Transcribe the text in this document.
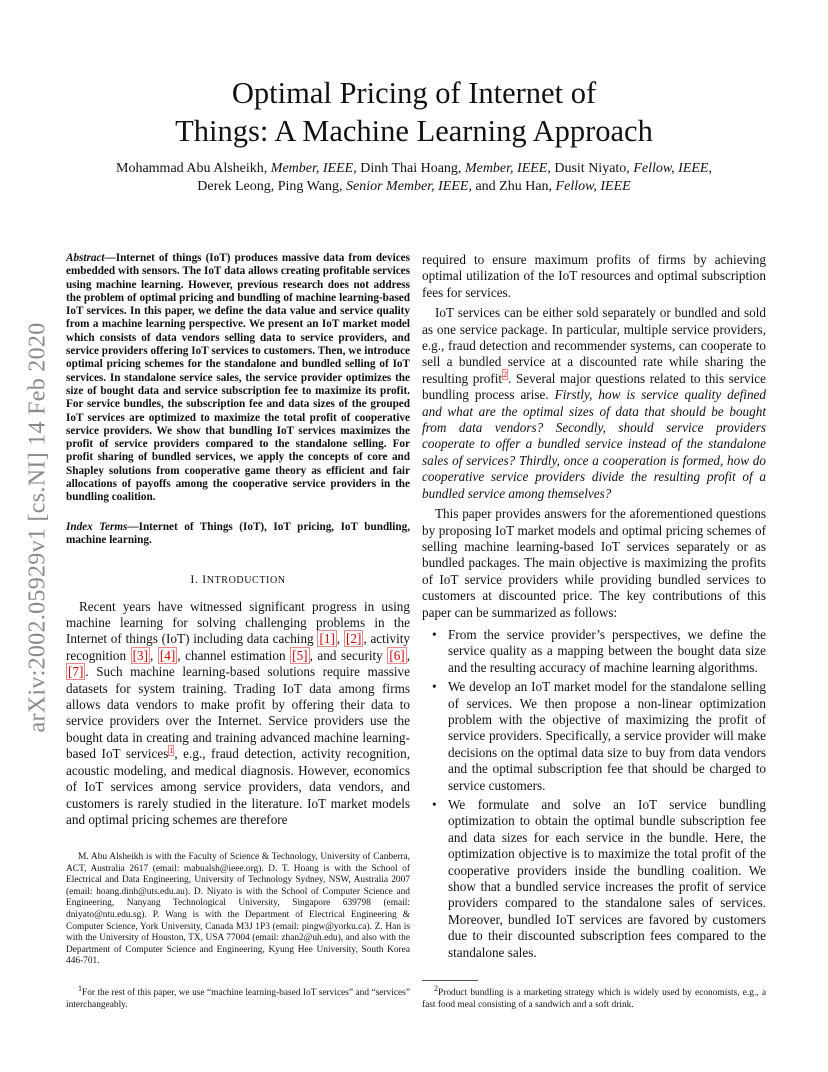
arXiv:2002.05929v1 [cs.NI] 14 Feb 2020
Optimal Pricing of Internet of
Things: A Machine Learning Approach
Mohammad Abu Alsheikh, Member, IEEE, Dinh Thai Hoang, Member, IEEE, Dusit Niyato, Fellow, IEEE,
Derek Leong, Ping Wang, Senior Member, IEEE, and Zhu Han, Fellow, IEEE

Abstract—Internet of things (IoT) produces massive data from devices embedded with sensors. The IoT data allows creating profitable services using machine learning. However, previous research does not address the problem of optimal pricing and bundling of machine learning-based IoT services. In this paper, we define the data value and service quality from a machine learning perspective. We present an IoT market model which consists of data vendors selling data to service providers, and service providers offering IoT services to customers. Then, we introduce optimal pricing schemes for the standalone and bundled selling of IoT services. In standalone service sales, the service provider optimizes the size of bought data and service subscription fee to maximize its profit. For service bundles, the subscription fee and data sizes of the grouped IoT services are optimized to maximize the total profit of cooperative service providers. We show that bundling IoT services maximizes the profit of service providers compared to the standalone selling. For profit sharing of bundled services, we apply the concepts of core and Shapley solutions from cooperative game theory as efficient and fair allocations of payoffs among the cooperative service providers in the bundling coalition.

Index Terms—Internet of Things (IoT), IoT pricing, IoT bundling, machine learning.

I. INTRODUCTION

Recent years have witnessed significant progress in using machine learning for solving challenging problems in the Internet of things (IoT) including data caching [1] , [2] , activity recognition [3] , [4] , channel estimation [5] , and security [6] , [7] . Such machine learning-based solutions require massive datasets for system training. Trading IoT data among firms allows data vendors to make profit by offering their data to service providers over the Internet. Service providers use the bought data in creating and training advanced machine learning-based IoT services$^1$, e.g., fraud detection, activity recognition, acoustic modeling, and medical diagnosis. However, economics of IoT services among service providers, data vendors, and customers is rarely studied in the literature. IoT market models and optimal pricing schemes are therefore

M. Abu Alsheikh is with the Faculty of Science & Technology, University of Canberra, ACT, Australia 2617 (email: mabualsh@ieee.org). D. T. Hoang is with the School of Electrical and Data Engineering, University of Technology Sydney, NSW, Australia 2007 (email: hoang.dinh@uts.edu.au). D. Niyato is with the School of Computer Science and Engineering, Nanyang Technological University, Singapore 639798 (email: dniyato@ntu.edu.sg). P. Wang is with the Department of Electrical Engineering & Computer Science, York University, Canada M3J 1P3 (email: pingw@yorku.ca). Z. Han is with the University of Houston, TX, USA 77004 (email: zhan2@uh.edu), and also with the Department of Computer Science and Engineering, Kyung Hee University, South Korea 446-701.
$^1$For the rest of this paper, we use “machine learning-based IoT services” and “services” interchangeably.

required to ensure maximum profits of firms by achieving optimal utilization of the IoT resources and optimal subscription fees for services.

IoT services can be either sold separately or bundled and sold as one service package. In particular, multiple service providers, e.g., fraud detection and recommender systems, can cooperate to sell a bundled service at a discounted rate while sharing the resulting profit$^2$. Several major questions related to this service bundling process arise. Firstly, how is service quality defined and what are the optimal sizes of data that should be bought from data vendors? Secondly, should service providers cooperate to offer a bundled service instead of the standalone sales of services? Thirdly, once a cooperation is formed, how do cooperative service providers divide the resulting profit of a bundled service among themselves?

This paper provides answers for the aforementioned questions by proposing IoT market models and optimal pricing schemes of selling machine learning-based IoT services separately or as bundled packages. The main objective is maximizing the profits of IoT service providers while providing bundled services to customers at discounted price. The key contributions of this paper can be summarized as follows:

• From the service provider’s perspectives, we define the service quality as a mapping between the bought data size and the resulting accuracy of machine learning algorithms.
• We develop an IoT market model for the standalone selling of services. We then propose a non-linear optimization problem with the objective of maximizing the profit of service providers. Specifically, a service provider will make decisions on the optimal data size to buy from data vendors and the optimal subscription fee that should be charged to service customers.
• We formulate and solve an IoT service bundling optimization to obtain the optimal bundle subscription fee and data sizes for each service in the bundle. Here, the optimization objective is to maximize the total profit of the cooperative providers inside the bundling coalition. We show that a bundled service increases the profit of service providers compared to the standalone sales of services. Moreover, bundled IoT services are favored by customers due to their discounted subscription fees compared to the standalone sales.
$^2$Product bundling is a marketing strategy which is widely used by economists, e.g., a fast food meal consisting of a sandwich and a soft drink.
